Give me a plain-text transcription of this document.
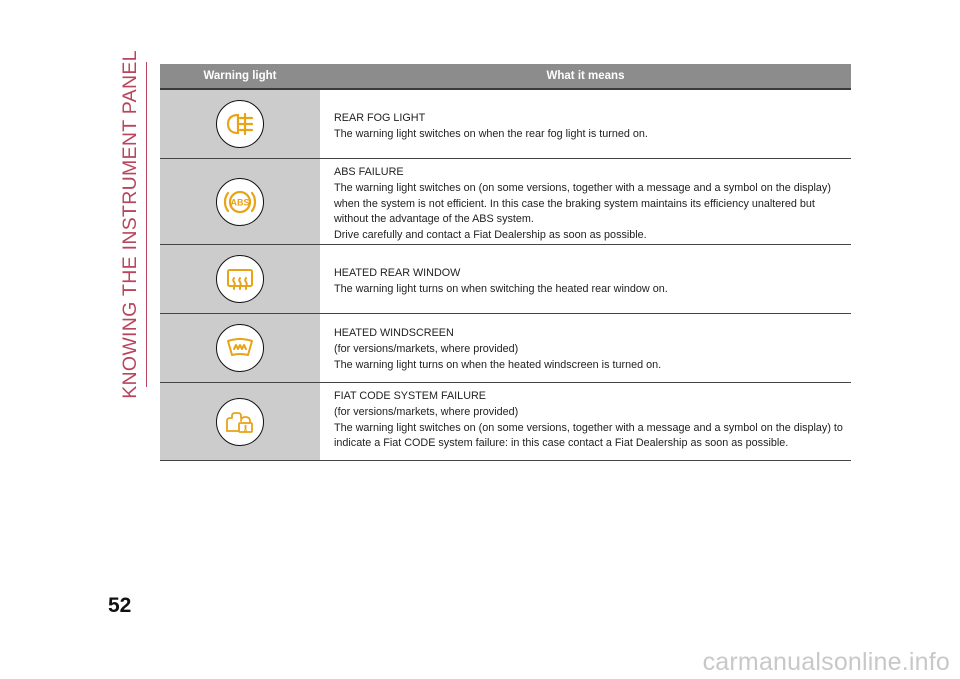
KNOWING THE INSTRUMENT PANEL	Warning light	What it means

REAR FOG LIGHT

The warning light switches on when the rear fog light is turned on.

ABS

ABS FAILURE

The warning light switches on (on some versions, together with a message and a symbol on the display) when the system is not efficient. In this case the braking system maintains its efficiency unaltered but without the advantage of the ABS system.

Drive carefully and contact a Fiat Dealership as soon as possible.

HEATED REAR WINDOW

The warning light turns on when switching the heated rear window on.

HEATED WINDSCREEN

(for versions/markets, where provided)

The warning light turns on when the heated windscreen is turned on.

FIAT CODE SYSTEM FAILURE

(for versions/markets, where provided)

The warning light switches on (on some versions, together with a message and a symbol on the display) to indicate a Fiat CODE system failure: in this case contact a Fiat Dealership as soon as possible.

52
carmanualsonline.info
